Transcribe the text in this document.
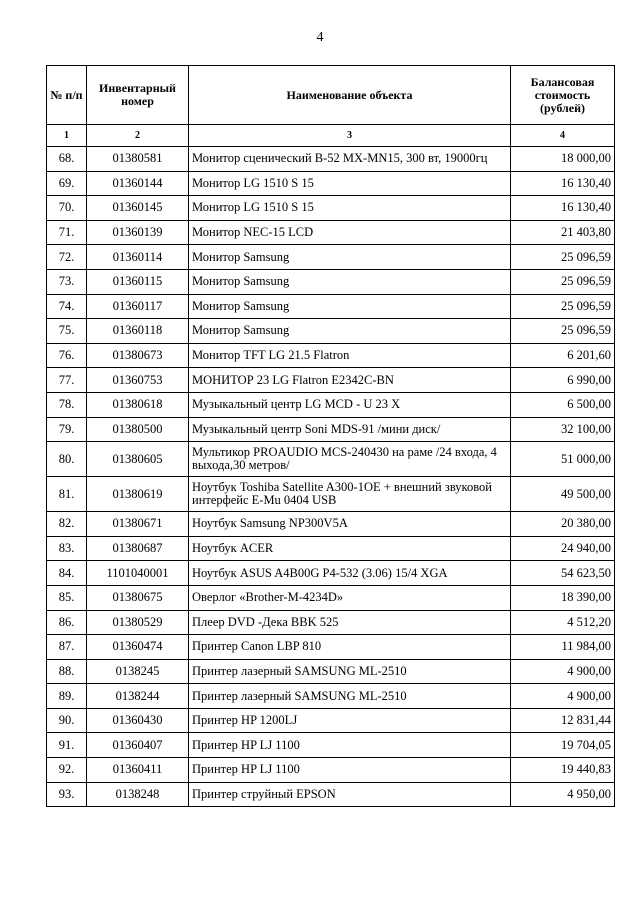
4
№ п/п	Инвентарный номер	Наименование объекта	Балансовая стоимость (рублей)
1	2	3	4
68.	01380581	Монитор сценический В-52 МХ-MN15, 300 вт, 19000гц	18 000,00
69.	01360144	Монитор LG 1510 S 15	16 130,40
70.	01360145	Монитор LG 1510 S 15	16 130,40
71.	01360139	Монитор NEC-15 LCD	21 403,80
72.	01360114	Монитор Samsung	25 096,59
73.	01360115	Монитор Samsung	25 096,59
74.	01360117	Монитор Samsung	25 096,59
75.	01360118	Монитор Samsung	25 096,59
76.	01380673	Монитор TFT LG 21.5 Flatron	6 201,60
77.	01360753	МОНИТОР 23 LG Flatron E2342C-BN	6 990,00
78.	01380618	Музыкальный центр LG MCD - U 23 X	6 500,00
79.	01380500	Музыкальный центр Soni MDS-91 /мини диск/	32 100,00
80.	01380605	Мультикор PROAUDIO MCS-240430 на раме /24 входа, 4 выхода,30 метров/	51 000,00
81.	01380619	Ноутбук Toshiba Satellite A300-1OE + внешний звуковой интерфейс E-Mu 0404 USB	49 500,00
82.	01380671	Ноутбук Samsung NP300V5A	20 380,00
83.	01380687	Ноутбук ACER	24 940,00
84.	1101040001	Ноутбук ASUS A4B00G P4-532 (3.06) 15/4 XGA	54 623,50
85.	01380675	Оверлог «Brother-M-4234D»	18 390,00
86.	01380529	Плеер DVD -Дека BBK 525	4 512,20
87.	01360474	Принтер Canon LBP 810	11 984,00
88.	0138245	Принтер лазерный SAMSUNG ML-2510	4 900,00
89.	0138244	Принтер лазерный SAMSUNG ML-2510	4 900,00
90.	01360430	Принтер HP 1200LJ	12 831,44
91.	01360407	Принтер HP LJ 1100	19 704,05
92.	01360411	Принтер HP LJ 1100	19 440,83
93.	0138248	Принтер струйный EPSON	4 950,00
